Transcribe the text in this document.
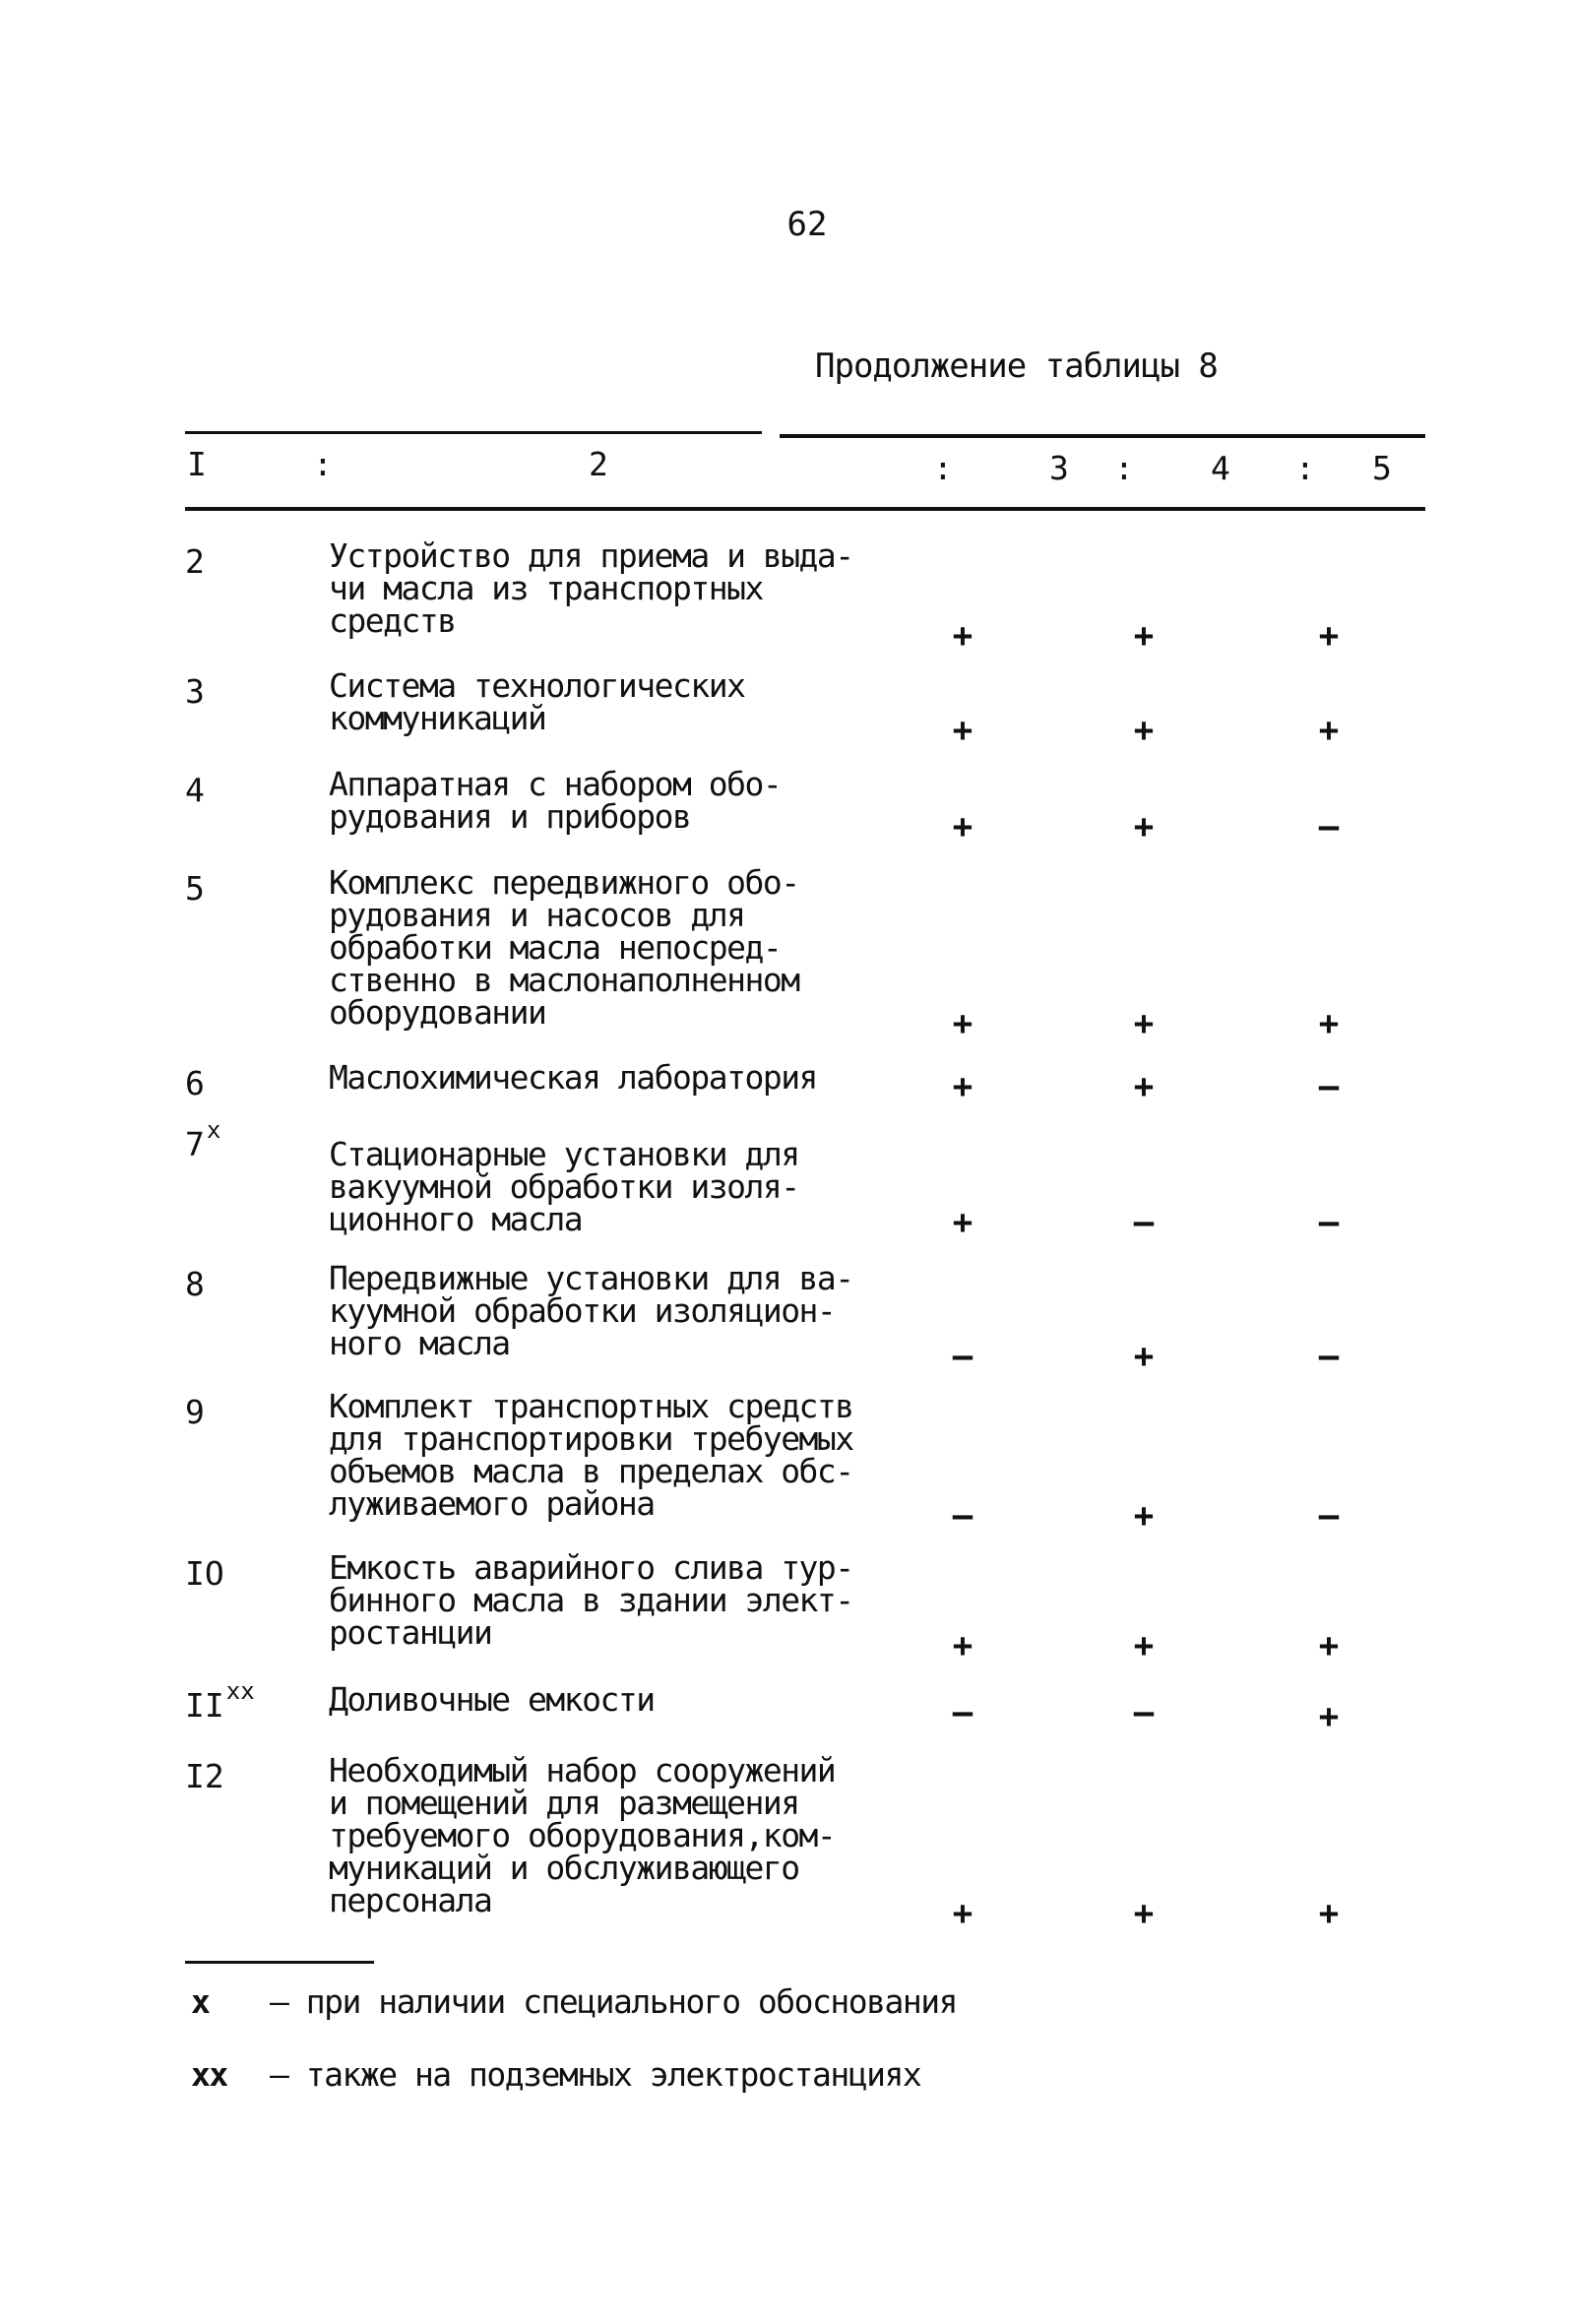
62
Продолжение таблицы 8
I	:	2	:	3 : 4 : 5
2	Устройство для приема и выда-
чи масла из транспортных
средств	+	+	+
3	Система технологических
коммуникаций	+	+	+
4	Аппаратная с набором обо-
рудования и приборов	+	+	–
5	Комплекс передвижного обо-
рудования и насосов для
обработки масла непосред-
ственно в маслонаполненном
оборудовании	+	+	+
6	Маслохимическая лаборатория	+	+	–
7$^x$
Стационарные установки для
вакуумной обработки изоля-
ционного масла	+	–	–
8	Передвижные установки для ва-
куумной обработки изоляцион-
ного масла	–	+	–
9	Комплект транспортных средств
для транспортировки требуемых
объемов масла в пределах обс-
луживаемого района	–	+	–
IO	Емкость аварийного слива тур-
бинного масла в здании элект-
ростанции	+	+	+
$II^{xx}$ Доливочные емкости	–	–	+
I2	Необходимый набор сооружений
и помещений для размещения
требуемого оборудования,ком-
муникаций и обслуживающего
персонала	+	+	+
x – при наличии специального обоснования
xx – также на подземных электростанциях
